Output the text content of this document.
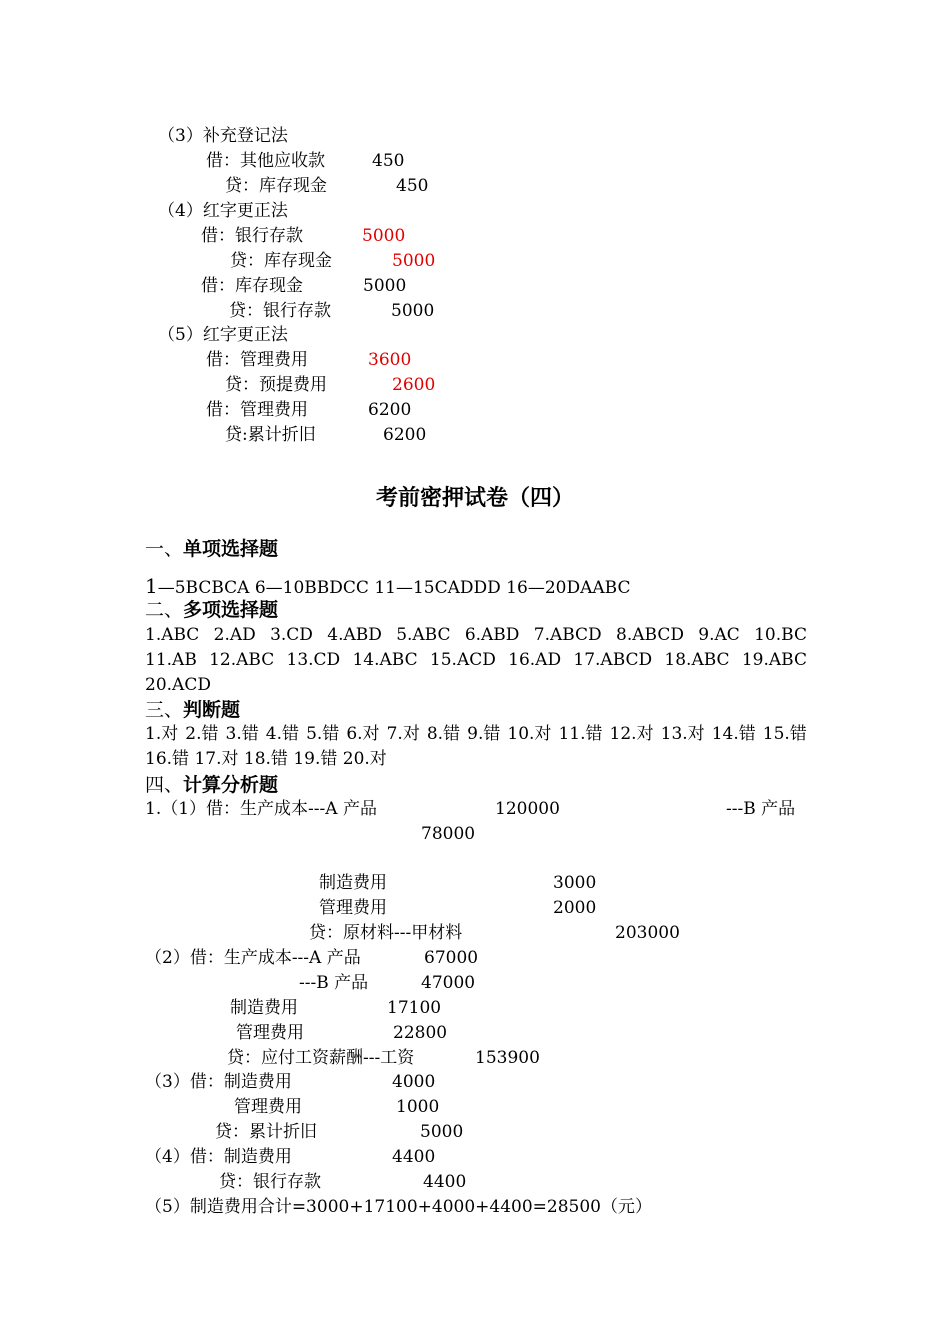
（3）补充登记法
借：其他应收款	450
贷：库存现金	450
（4）红字更正法
借：银行存款	5000
贷：库存现金	5000
借：库存现金	5000
贷：银行存款	5000
（5）红字更正法
借：管理费用	3600
贷：预提费用	2600
借：管理费用	6200
贷:累计折旧	6200
考前密押试卷（四）
一、单项选择题
1—5BCBCA 6—10BBDCC 11—15CADDD 16—20DAABC
二、多项选择题
1.ABC 2.AD 3.CD 4.ABD 5.ABC 6.ABD 7.ABCD 8.ABCD 9.AC 10.BC
11.AB 12.ABC 13.CD 14.ABC 15.ACD 16.AD 17.ABCD 18.ABC 19.ABC
20.ACD
三、判断题
1.对 2.错 3.错 4.错 5.错 6.对 7.对 8.错 9.错 10.对 11.错 12.对 13.对 14.错 15.错
16.错 17.对 18.错 19.错 20.对
四、计算分析题
1.（1）借：生产成本---A 产品	120000	---B 产品
78000
制造费用	3000
管理费用	2000
贷：原材料---甲材料	203000
（2）借：生产成本---A 产品	67000
---B 产品	47000
制造费用	17100
管理费用	22800
贷：应付工资薪酬---工资	153900
（3）借：制造费用	4000
管理费用	1000
贷：累计折旧	5000
（4）借：制造费用	4400
贷：银行存款	4400
（5）制造费用合计=3000+17100+4000+4400=28500（元）
